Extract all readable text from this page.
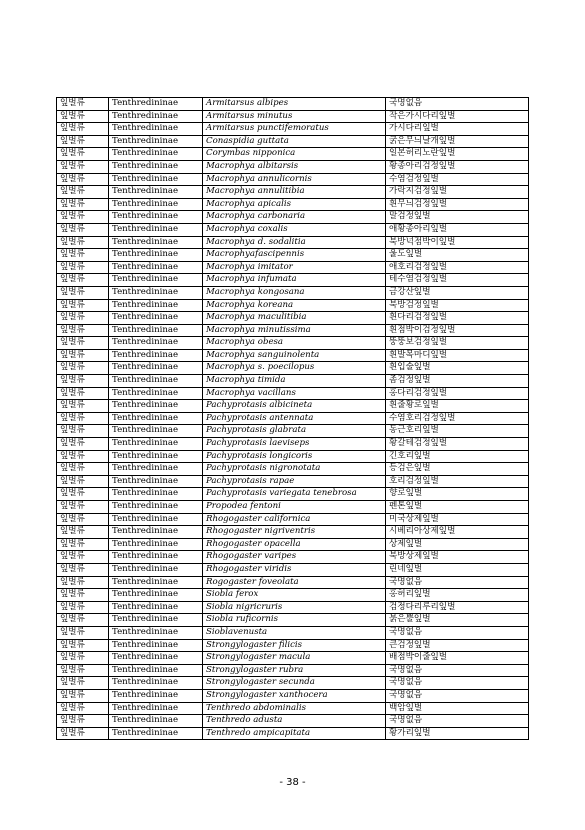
잎벌류	Tenthredininae	Armitarsus albipes	국명없음
잎벌류	Tenthredininae	Armitarsus minutus	작은가시다리잎벌
잎벌류	Tenthredininae	Armitarsus punctifemoratus	가시다리잎벌
잎벌류	Tenthredininae	Conaspidia guttata	굵은무늬날개잎벌
잎벌류	Tenthredininae	Corymbas nipponica	일본허리노란잎벌
잎벌류	Tenthredininae	Macrophya albitarsis	황종아리검정잎벌
잎벌류	Tenthredininae	Macrophya annulicornis	수염검정잎벌
잎벌류	Tenthredininae	Macrophya annulitibia	가락지검정잎벌
잎벌류	Tenthredininae	Macrophya apicalis	흰무늬검정잎벌
잎벌류	Tenthredininae	Macrophya carbonaria	말검정잎벌
잎벌류	Tenthredininae	Macrophya coxalis	애황종아리잎벌
잎벌류	Tenthredininae	Macrophya d. sodalitia	북방넉점박이잎벌
잎벌류	Tenthredininae	Macrophyafascipennis	울도잎벌
잎벌류	Tenthredininae	Macrophya imitator	애호리검정잎벌
잎벌류	Tenthredininae	Macrophya infumata	테수염검정잎벌
잎벌류	Tenthredininae	Macrophya kongosana	금강산잎벌
잎벌류	Tenthredininae	Macrophya koreana	북방검정잎벌
잎벌류	Tenthredininae	Macrophya maculitibia	흰다리검정잎벌
잎벌류	Tenthredininae	Macrophya minutissima	흰점박이검정잎벌
잎벌류	Tenthredininae	Macrophya obesa	뚱뚱보검정잎벌
잎벌류	Tenthredininae	Macrophya sanguinolenta	흰발목마디잎벌
잎벌류	Tenthredininae	Macrophya s. poecilopus	흰입술잎벌
잎벌류	Tenthredininae	Macrophya timida	좀검정잎벌
잎벌류	Tenthredininae	Macrophya vacillans	홍다리검정잎벌
잎벌류	Tenthredininae	Pachyprotasis albicineta	흰줄황로잎벌
잎벌류	Tenthredininae	Pachyprotasis antennata	수염호리검정잎벌
잎벌류	Tenthredininae	Pachyprotasis glabrata	동근호리잎벌
잎벌류	Tenthredininae	Pachyprotasis laeviseps	황갈테검정잎벌
잎벌류	Tenthredininae	Pachyprotasis longicoris	긴호리잎벌
잎벌류	Tenthredininae	Pachyprotasis nigronotata	등검은잎벌
잎벌류	Tenthredininae	Pachyprotasis rapae	호리검정잎벌
잎벌류	Tenthredininae	Pachyprotasis variegata tenebrosa	향로잎벌
잎벌류	Tenthredininae	Propodea fentoni	펜톤잎벌
잎벌류	Tenthredininae	Rhogogaster californica	미국상제잎벌
잎벌류	Tenthredininae	Rhogogaster nigriventris	시베리아상제잎벌
잎벌류	Tenthredininae	Rhogogaster opacella	상제잎벌
잎벌류	Tenthredininae	Rhogogaster varipes	북방상제잎벌
잎벌류	Tenthredininae	Rhogogaster viridis	린네잎벌
잎벌류	Tenthredininae	Rogogaster foveolata	국명없음
잎벌류	Tenthredininae	Siobla ferox	홍허리잎벌
잎벌류	Tenthredininae	Siobla nigricruris	검정다리루리잎벌
잎벌류	Tenthredininae	Siobla ruficornis	붉은뿔잎벌
잎벌류	Tenthredininae	Sioblavenusta	국명없음
잎벌류	Tenthredininae	Strongylogaster filicis	큰검정잎벌
잎벌류	Tenthredininae	Strongylogaster macula	배점박이줄잎벌
잎벌류	Tenthredininae	Strongylogaster rubra	국명없음
잎벌류	Tenthredininae	Strongylogaster secunda	국명없음
잎벌류	Tenthredininae	Strongylogaster xanthocera	국명없음
잎벌류	Tenthredininae	Tenthredo abdominalis	백암잎벌
잎벌류	Tenthredininae	Tenthredo adusta	국명없음
잎벌류	Tenthredininae	Tenthredo ampicapitata	황가리잎벌
- 38 -
